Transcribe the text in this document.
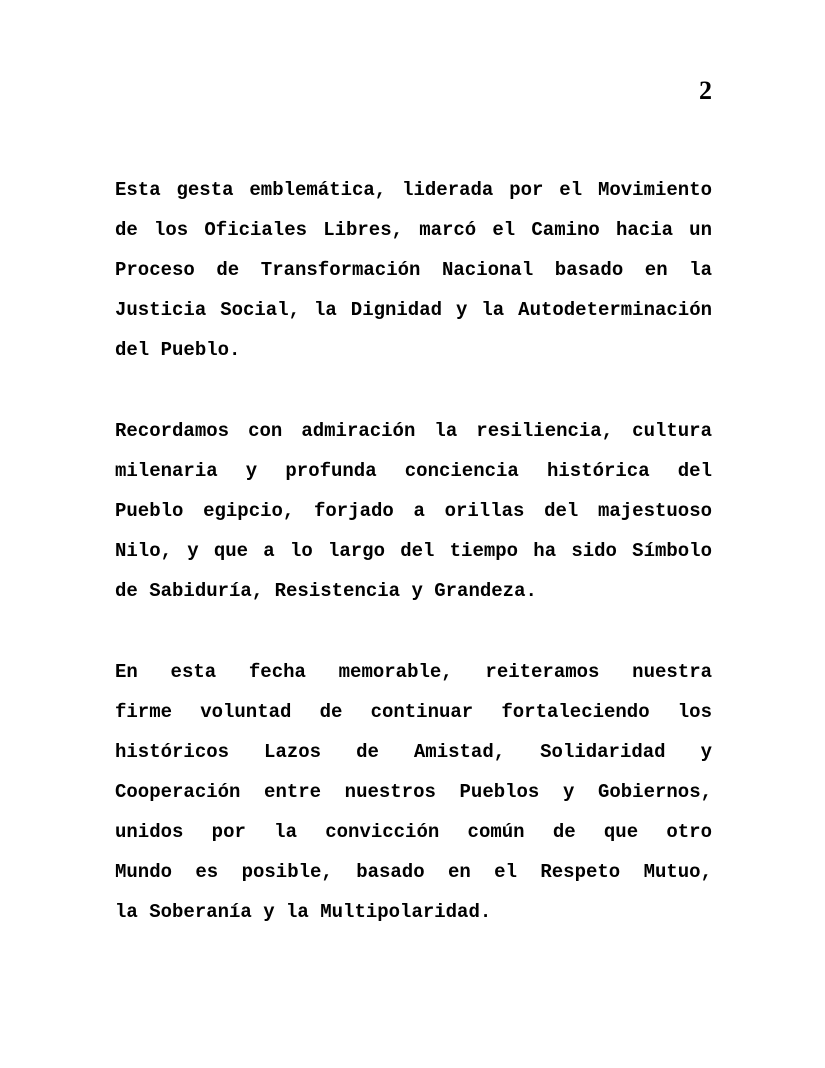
2
Esta gesta emblemática, liderada por el Movimiento
de los Oficiales Libres, marcó el Camino hacia un
Proceso de Transformación Nacional basado en la
Justicia Social, la Dignidad y la Autodeterminación
del Pueblo.
Recordamos con admiración la resiliencia, cultura
milenaria y profunda conciencia histórica del
Pueblo egipcio, forjado a orillas del majestuoso
Nilo, y que a lo largo del tiempo ha sido Símbolo
de Sabiduría, Resistencia y Grandeza.
En esta fecha memorable, reiteramos nuestra
firme voluntad de continuar fortaleciendo los
históricos Lazos de Amistad, Solidaridad y
Cooperación entre nuestros Pueblos y Gobiernos,
unidos por la convicción común de que otro
Mundo es posible, basado en el Respeto Mutuo,
la Soberanía y la Multipolaridad.
